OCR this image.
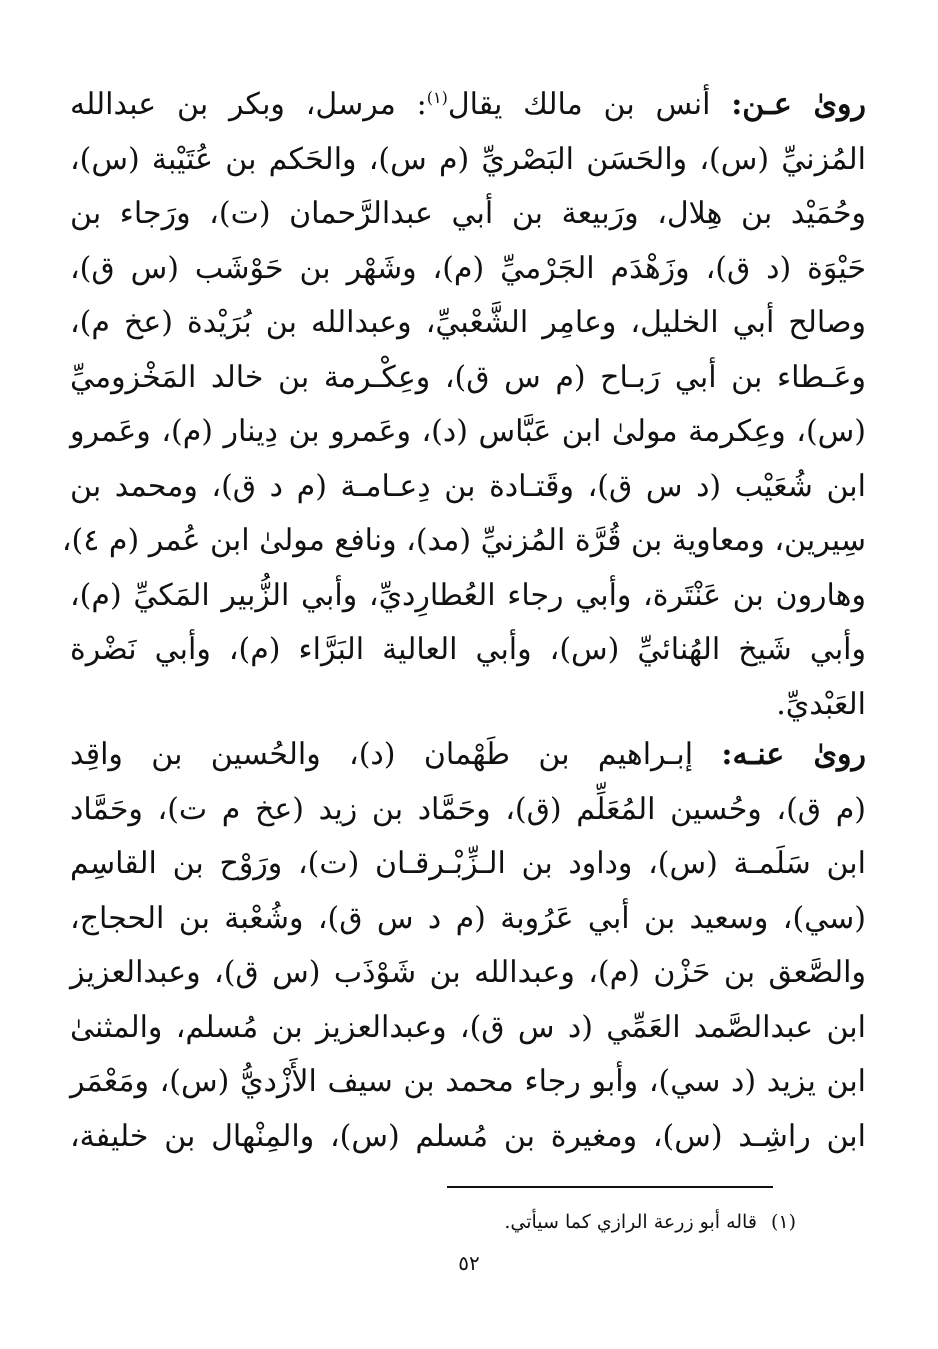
روىٰ عـن: أنس بن مالك يقال$^{(١)}$: مرسل، وبكر بن عبدالله
المُزنيِّ (س)، والحَسَن البَصْريِّ (م س)، والحَكم بن عُتَيْبة (س)،
وحُمَيْد بن هِلال، ورَبيعة بن أبي عبدالرَّحمان (ت)، ورَجاء بن
حَيْوَة (د ق)، وزَهْدَم الجَرْميِّ (م)، وشَهْر بن حَوْشَب (س ق)،
وصالح أبي الخليل، وعامِر الشَّعْبيِّ، وعبدالله بن بُرَيْدة (عخ م)،
وعَـطاء بن أبي رَبـاح (م س ق)، وعِكْـرمة بن خالد المَخْزوميِّ
(س)، وعِكرمة مولىٰ ابن عَبَّاس (د)، وعَمرو بن دِينار (م)، وعَمرو
ابن شُعَيْب (د س ق)، وقَتـادة بن دِعـامـة (م د ق)، ومحمد بن
سِيرين، ومعاوية بن قُرَّة المُزنيِّ (مد)، ونافع مولىٰ ابن عُمر (م ٤)،
وهارون بن عَنْتَرة، وأبي رجاء العُطارِديِّ، وأبي الزُّبير المَكيِّ (م)،
وأبي شَيخ الهُنائيِّ (س)، وأبي العالية البَرَّاء (م)، وأبي نَضْرة
العَبْديِّ.
روىٰ عنـه: إبـراهيم بن طَهْمان (د)، والحُسين بن واقِد
(م ق)، وحُسين المُعَلِّم (ق)، وحَمَّاد بن زيد (عخ م ت)، وحَمَّاد
ابن سَلَمـة (س)، وداود بن الـزِّبْـرقـان (ت)، ورَوْح بن القاسِم
(سي)، وسعيد بن أبي عَرُوبة (م د س ق)، وشُعْبة بن الحجاج،
والصَّعق بن حَزْن (م)، وعبدالله بن شَوْذَب (س ق)، وعبدالعزيز
ابن عبدالصَّمد العَمِّي (د س ق)، وعبدالعزيز بن مُسلم، والمثنىٰ
ابن يزيد (د سي)، وأبو رجاء محمد بن سيف الأَزْديُّ (س)، ومَعْمَر
ابن راشِـد (س)، ومغيرة بن مُسلم (س)، والمِنْهال بن خليفة،
(١)قاله أبو زرعة الرازي كما سيأتي.
٥٢
